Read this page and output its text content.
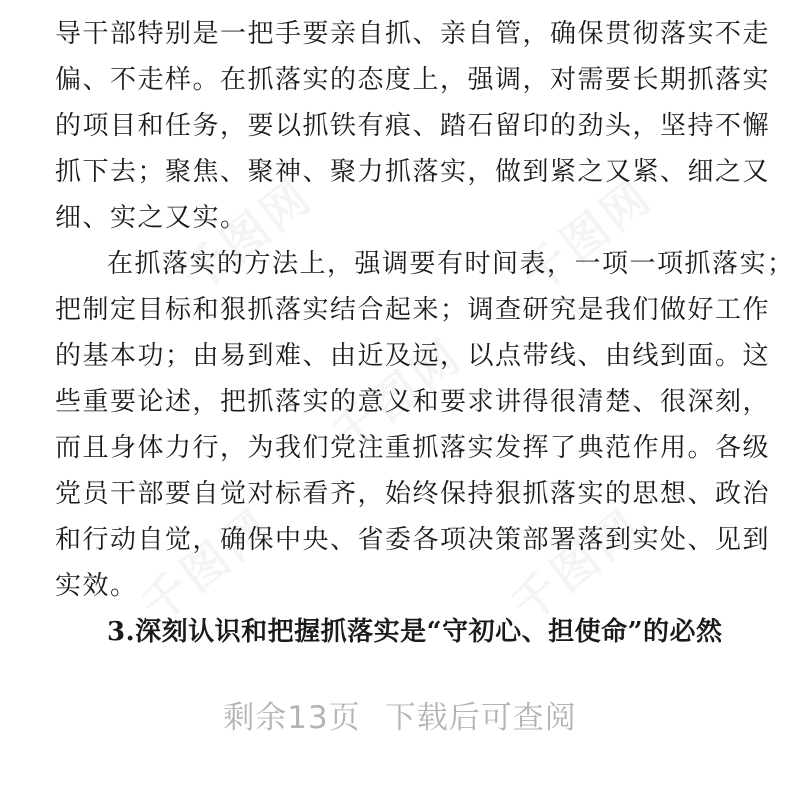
导干部特别是一把手要亲自抓、亲自管，确保贯彻落实不走
偏、不走样。在抓落实的态度上，强调，对需要长期抓落实
的项目和任务，要以抓铁有痕、踏石留印的劲头，坚持不懈
抓下去；聚焦、聚神、聚力抓落实，做到紧之又紧、细之又
细、实之又实。
在抓落实的方法上，强调要有时间表，一项一项抓落实；
把制定目标和狠抓落实结合起来；调查研究是我们做好工作
的基本功；由易到难、由近及远，以点带线、由线到面。这
些重要论述，把抓落实的意义和要求讲得很清楚、很深刻，
而且身体力行，为我们党注重抓落实发挥了典范作用。各级
党员干部要自觉对标看齐，始终保持狠抓落实的思想、政治
和行动自觉，确保中央、省委各项决策部署落到实处、见到
实效。
3.深刻认识和把握抓落实是“守初心、担使命”的必然
剩余13页 下载后可查阅
